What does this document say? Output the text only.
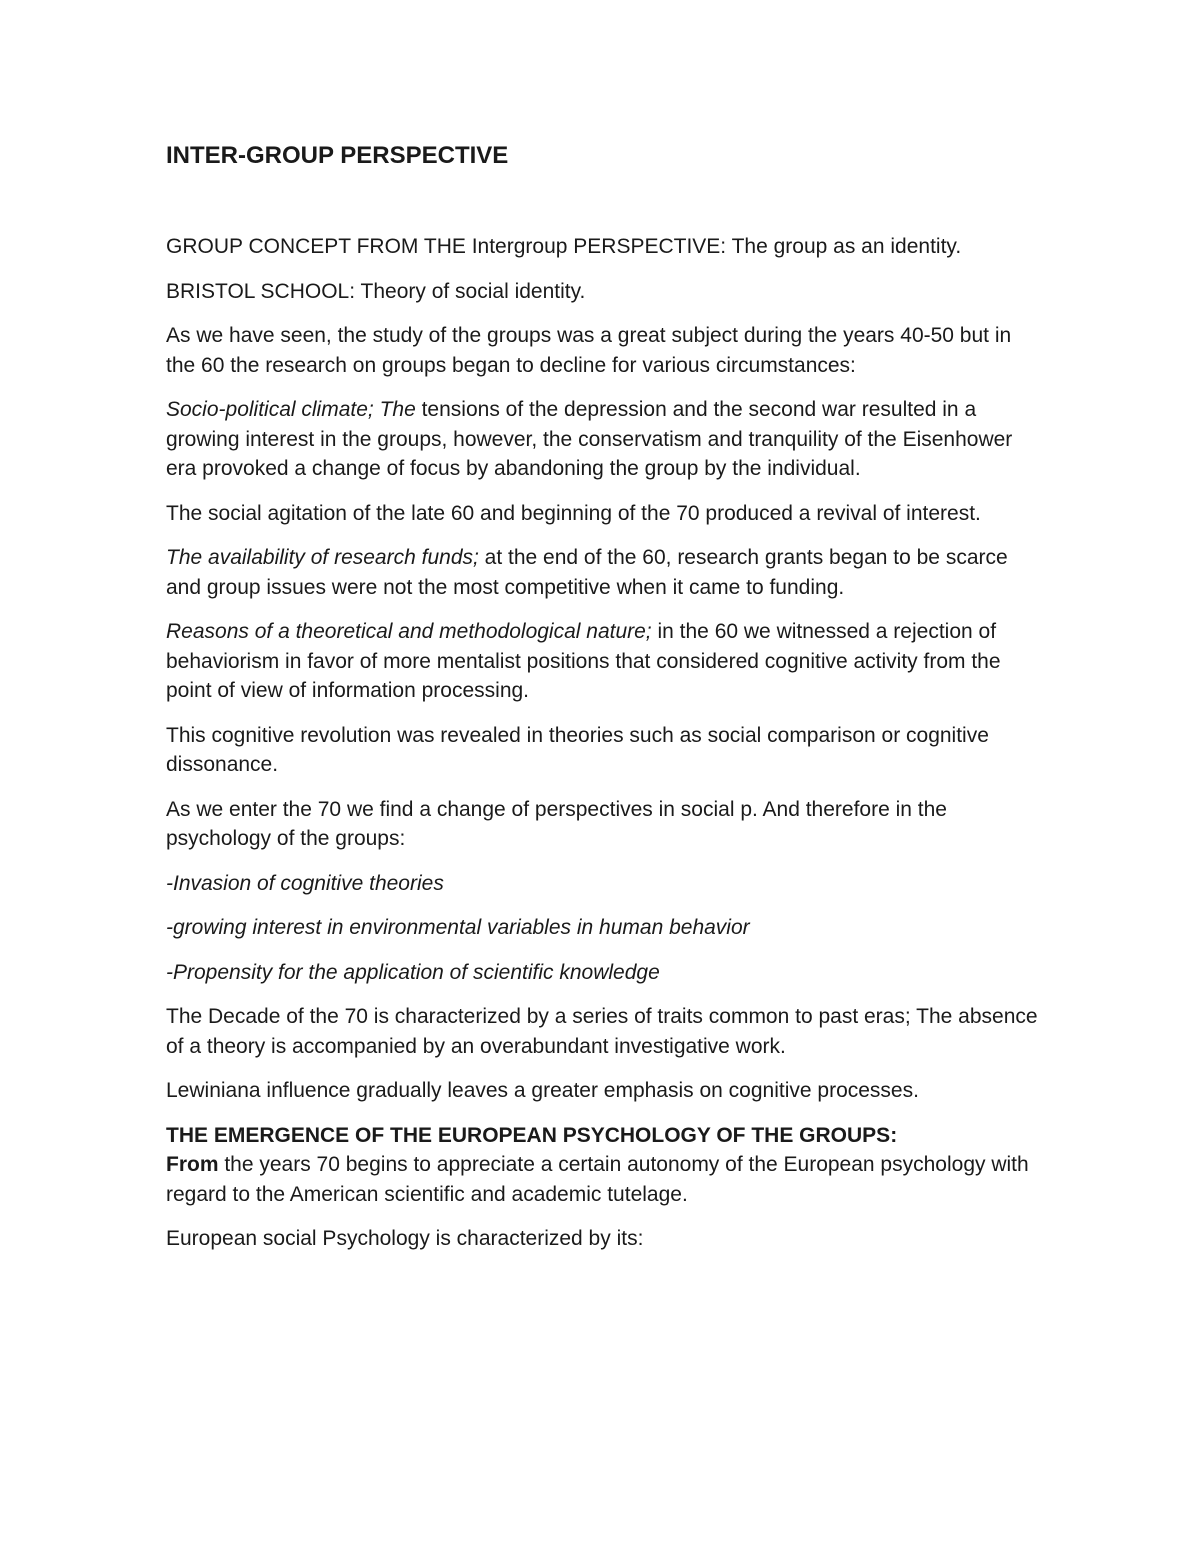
INTER-GROUP PERSPECTIVE

GROUP CONCEPT FROM THE Intergroup PERSPECTIVE: The group as an identity.

BRISTOL SCHOOL: Theory of social identity.

As we have seen, the study of the groups was a great subject during the years 40-50 but in the 60 the research on groups began to decline for various circumstances:

Socio-political climate; The tensions of the depression and the second war resulted in a growing interest in the groups, however, the conservatism and tranquility of the Eisenhower era provoked a change of focus by abandoning the group by the individual.

The social agitation of the late 60 and beginning of the 70 produced a revival of interest.

The availability of research funds; at the end of the 60, research grants began to be scarce and group issues were not the most competitive when it came to funding.

Reasons of a theoretical and methodological nature; in the 60 we witnessed a rejection of behaviorism in favor of more mentalist positions that considered cognitive activity from the point of view of information processing.

This cognitive revolution was revealed in theories such as social comparison or cognitive dissonance.

As we enter the 70 we find a change of perspectives in social p. And therefore in the psychology of the groups:

-Invasion of cognitive theories

-growing interest in environmental variables in human behavior

-Propensity for the application of scientific knowledge

The Decade of the 70 is characterized by a series of traits common to past eras; The absence of a theory is accompanied by an overabundant investigative work.

Lewiniana influence gradually leaves a greater emphasis on cognitive processes.

THE EMERGENCE OF THE EUROPEAN PSYCHOLOGY OF THE GROUPS:
From the years 70 begins to appreciate a certain autonomy of the European psychology with regard to the American scientific and academic tutelage.

European social Psychology is characterized by its:
